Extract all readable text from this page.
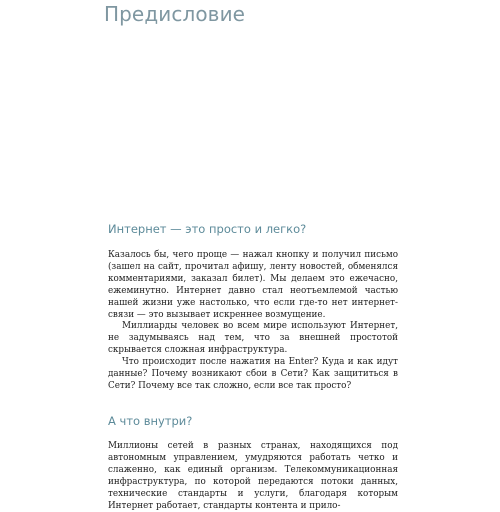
Предисловие
Интернет — это просто и легко?

Казалось бы, чего проще — нажал кнопку и получил письмо (зашел на сайт, прочитал афишу, ленту новостей, обменялся комментариями, заказал билет). Мы делаем это ежечасно, ежеминутно. Интернет давно стал неотъемлемой частью нашей жизни уже настолько, что если где-то нет интернет-связи — это вызывает искреннее возмущение.

Миллиарды человек во всем мире используют Интернет, не задумываясь над тем, что за внешней простотой скрывается сложная инфраструктура.

Что происходит после нажатия на Enter? Куда и как идут данные? Почему возникают сбои в Сети? Как защититься в Сети? Почему все так сложно, если все так просто?

А что внутри?

Миллионы сетей в разных странах, находящихся под автономным управлением, умудряются работать четко и слаженно, как единый организм. Телекоммуникационная инфраструктура, по которой передаются потоки данных, технические стандарты и услуги, благодаря которым Интернет работает, стандарты контента и прило-
